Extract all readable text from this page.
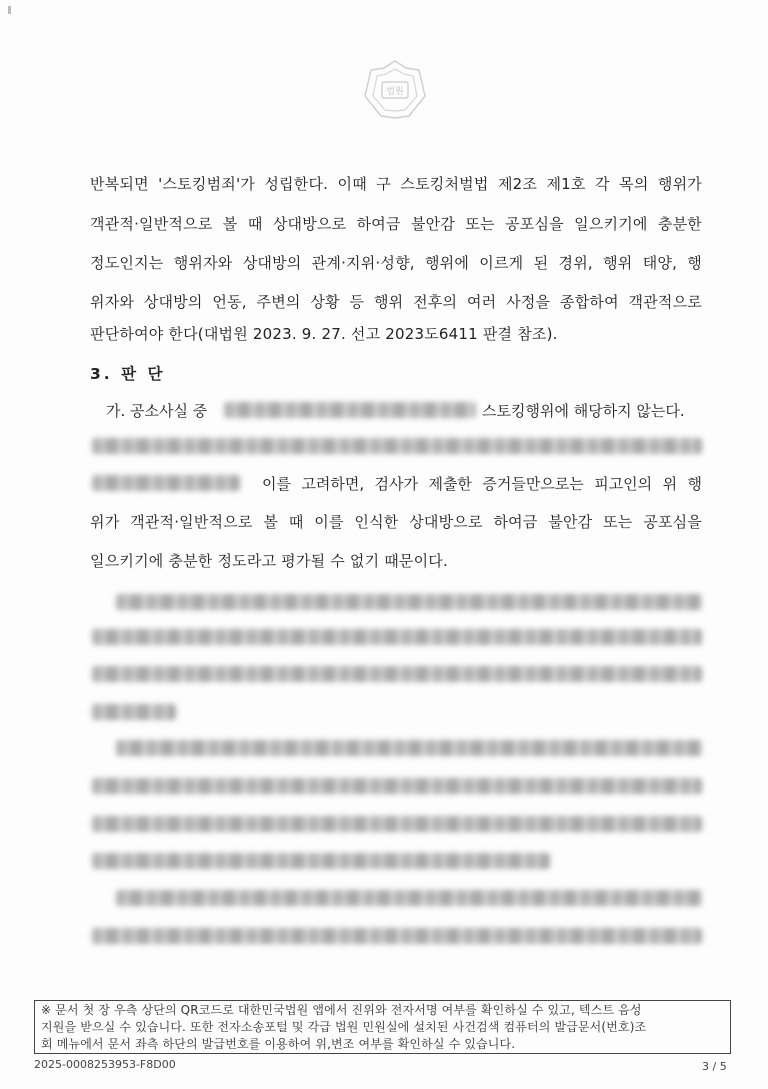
법원
반복되면 '스토킹범죄'가 성립한다. 이때 구 스토킹처벌법 제2조 제1호 각 목의 행위가
객관적·일반적으로 볼 때 상대방으로 하여금 불안감 또는 공포심을 일으키기에 충분한
정도인지는 행위자와 상대방의 관계·지위·성향, 행위에 이르게 된 경위, 행위 태양, 행
위자와 상대방의 언동, 주변의 상황 등 행위 전후의 여러 사정을 종합하여 객관적으로
판단하여야 한다(대법원 2023. 9. 27. 선고 2023도6411 판결 참조).
3. 판 단
가. 공소사실 중	스토킹행위에 해당하지 않는다.
이를 고려하면, 검사가 제출한 증거들만으로는 피고인의 위 행
위가 객관적·일반적으로 볼 때 이를 인식한 상대방으로 하여금 불안감 또는 공포심을
일으키기에 충분한 정도라고 평가될 수 없기 때문이다.
※ 문서 첫 장 우측 상단의 QR코드로 대한민국법원 앱에서 진위와 전자서명 여부를 확인하실 수 있고, 텍스트 음성
지원을 받으실 수 있습니다. 또한 전자소송포털 및 각급 법원 민원실에 설치된 사건검색 컴퓨터의 발급문서(번호)조
회 메뉴에서 문서 좌측 하단의 발급번호를 이용하여 위,변조 여부를 확인하실 수 있습니다.
2025-0008253953-F8D00	3 / 5
